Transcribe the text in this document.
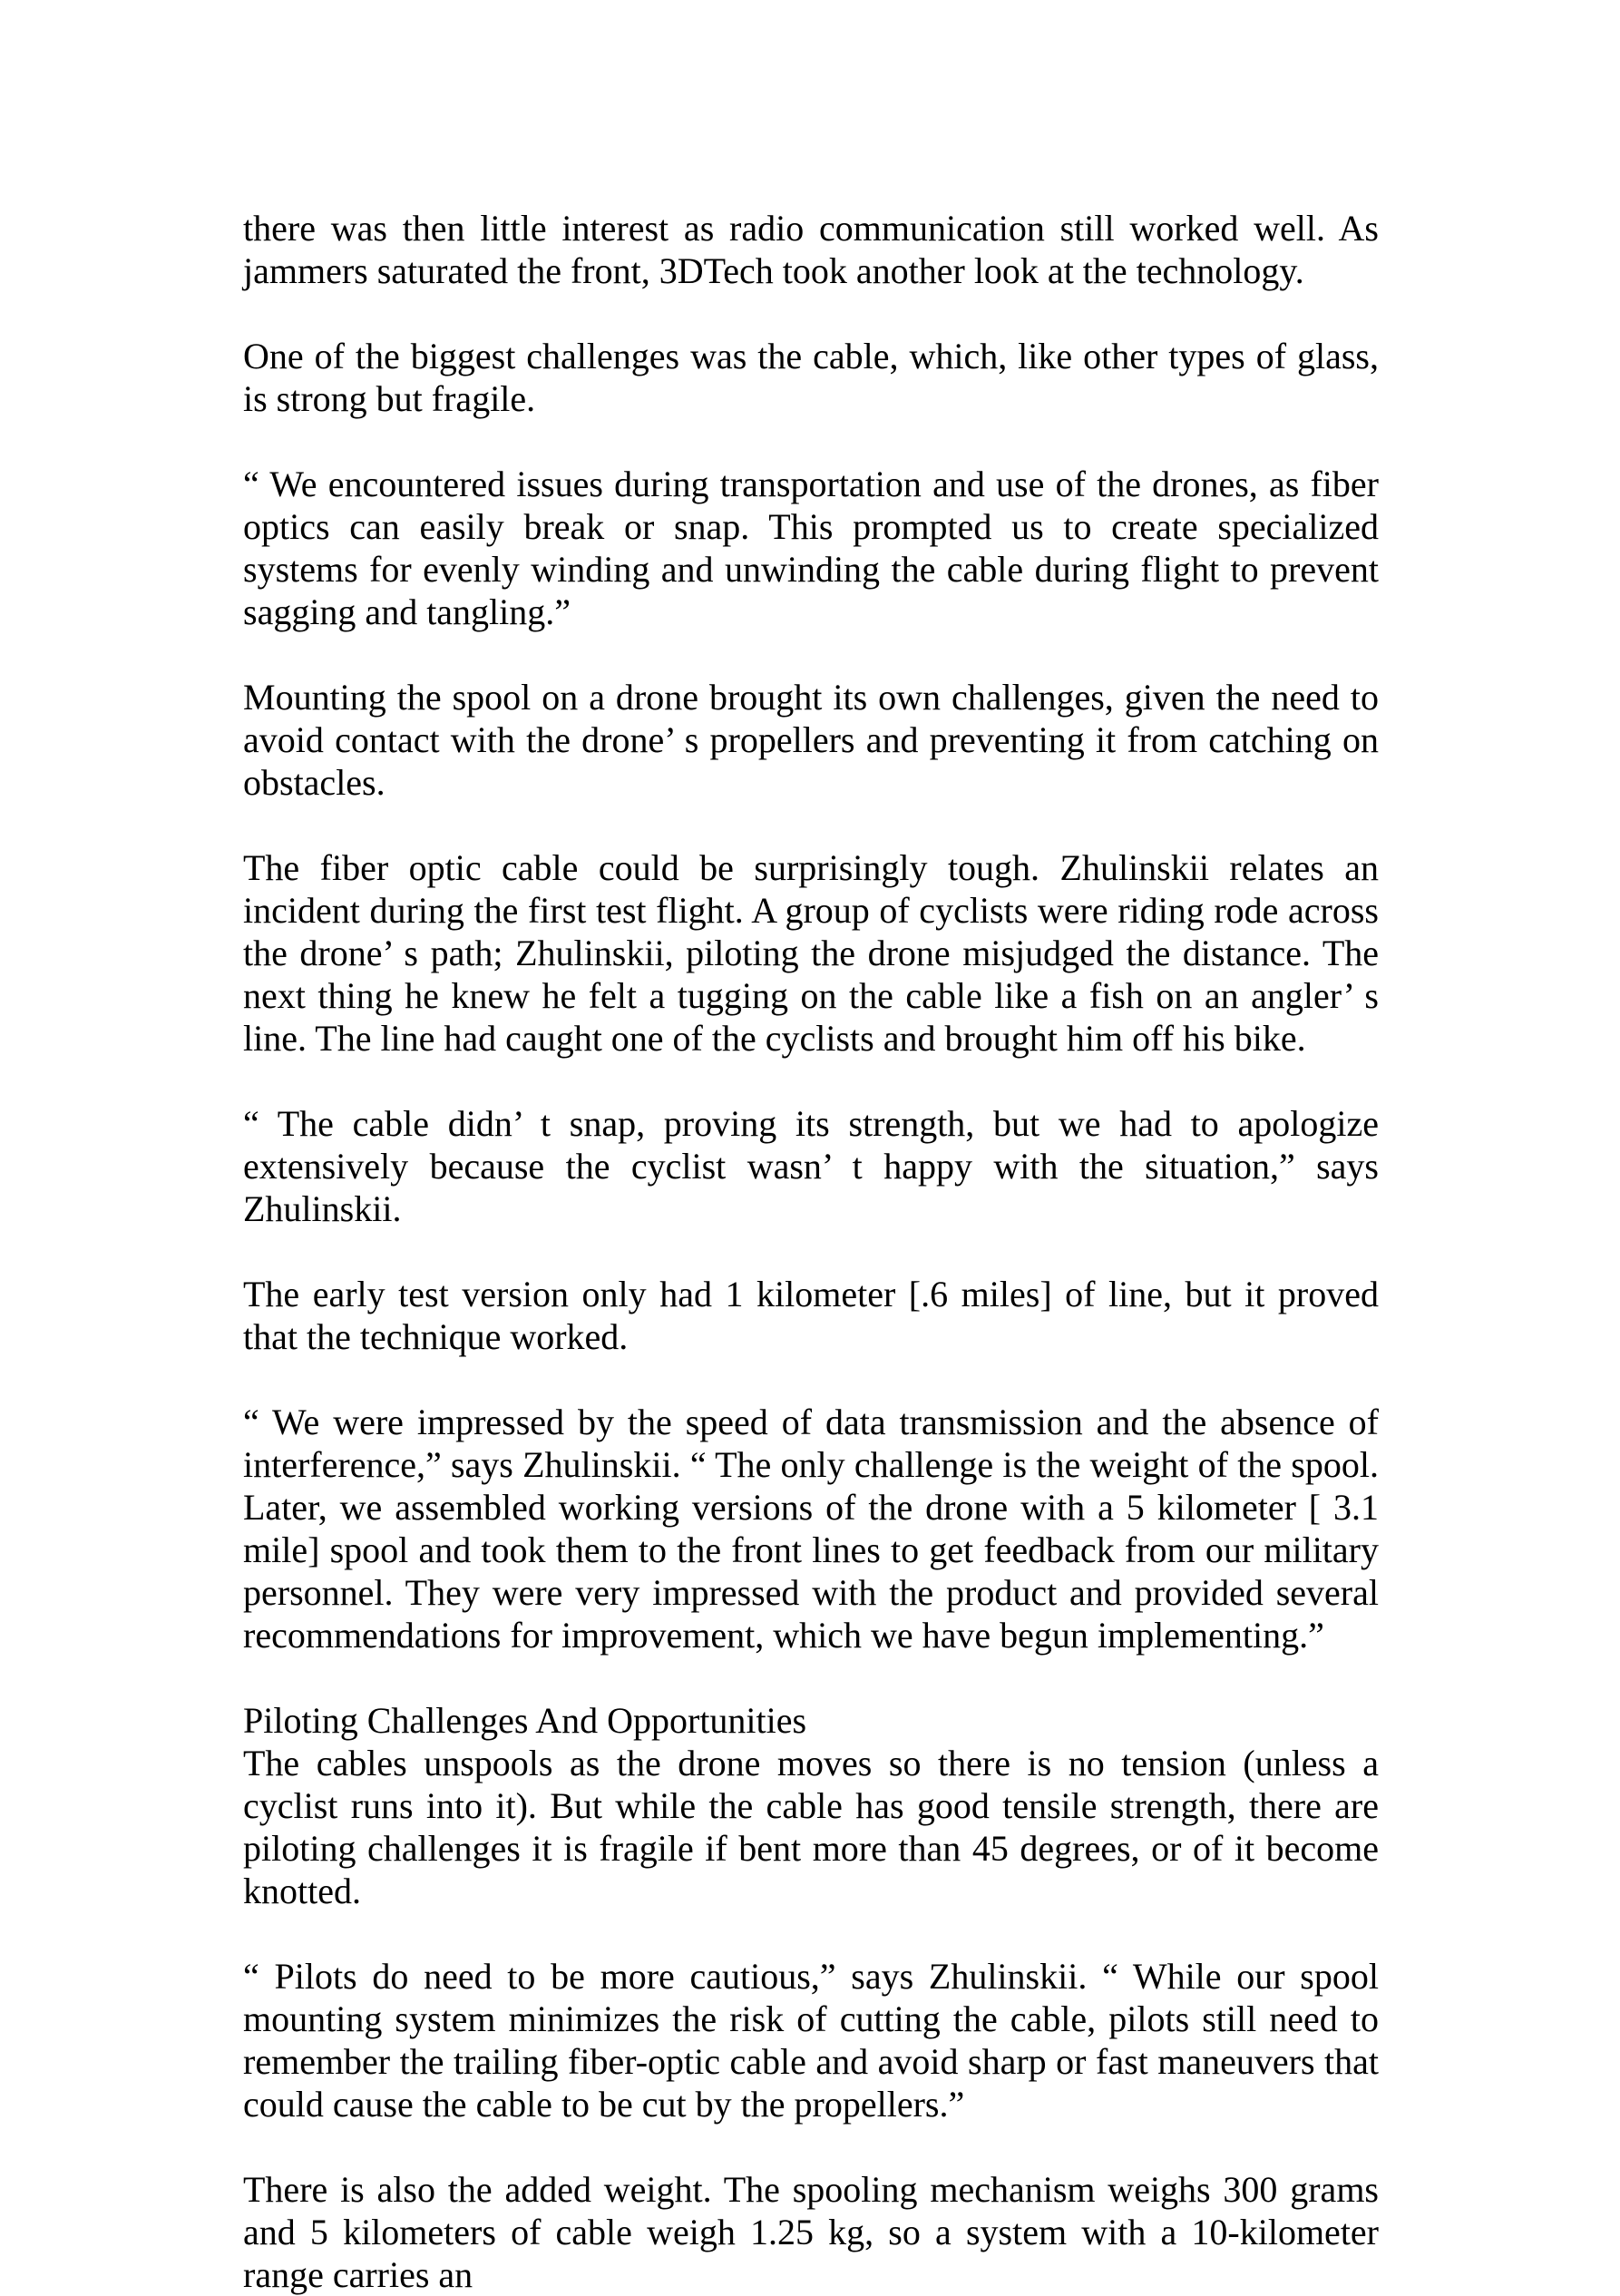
there was then little interest as radio communication still worked well. As jammers saturated the front, 3DTech took another look at the technology.

One of the biggest challenges was the cable, which, like other types of glass, is strong but fragile.

“ We encountered issues during transportation and use of the drones, as fiber optics can easily break or snap. This prompted us to create specialized systems for evenly winding and unwinding the cable during flight to prevent sagging and tangling.”

Mounting the spool on a drone brought its own challenges, given the need to avoid contact with the drone’ s propellers and preventing it from catching on obstacles.

The fiber optic cable could be surprisingly tough. Zhulinskii relates an incident during the first test flight. A group of cyclists were riding rode across the drone’ s path; Zhulinskii, piloting the drone misjudged the distance. The next thing he knew he felt a tugging on the cable like a fish on an angler’ s line. The line had caught one of the cyclists and brought him off his bike.

“ The cable didn’ t snap, proving its strength, but we had to apologize extensively because the cyclist wasn’ t happy with the situation,” says Zhulinskii.

The early test version only had 1 kilometer [.6 miles] of line, but it proved that the technique worked.

“ We were impressed by the speed of data transmission and the absence of interference,” says Zhulinskii. “ The only challenge is the weight of the spool. Later, we assembled working versions of the drone with a 5 kilometer [ 3.1 mile] spool and took them to the front lines to get feedback from our military personnel. They were very impressed with the product and provided several recommendations for improvement, which we have begun implementing.”

Piloting Challenges And Opportunities

The cables unspools as the drone moves so there is no tension (unless a cyclist runs into it). But while the cable has good tensile strength, there are piloting challenges it is fragile if bent more than 45 degrees, or of it become knotted.

“ Pilots do need to be more cautious,” says Zhulinskii. “ While our spool mounting system minimizes the risk of cutting the cable, pilots still need to remember the trailing fiber-optic cable and avoid sharp or fast maneuvers that could cause the cable to be cut by the propellers.”

There is also the added weight. The spooling mechanism weighs 300 grams and 5 kilometers of cable weigh 1.25 kg, so a system with a 10-kilometer range carries an
